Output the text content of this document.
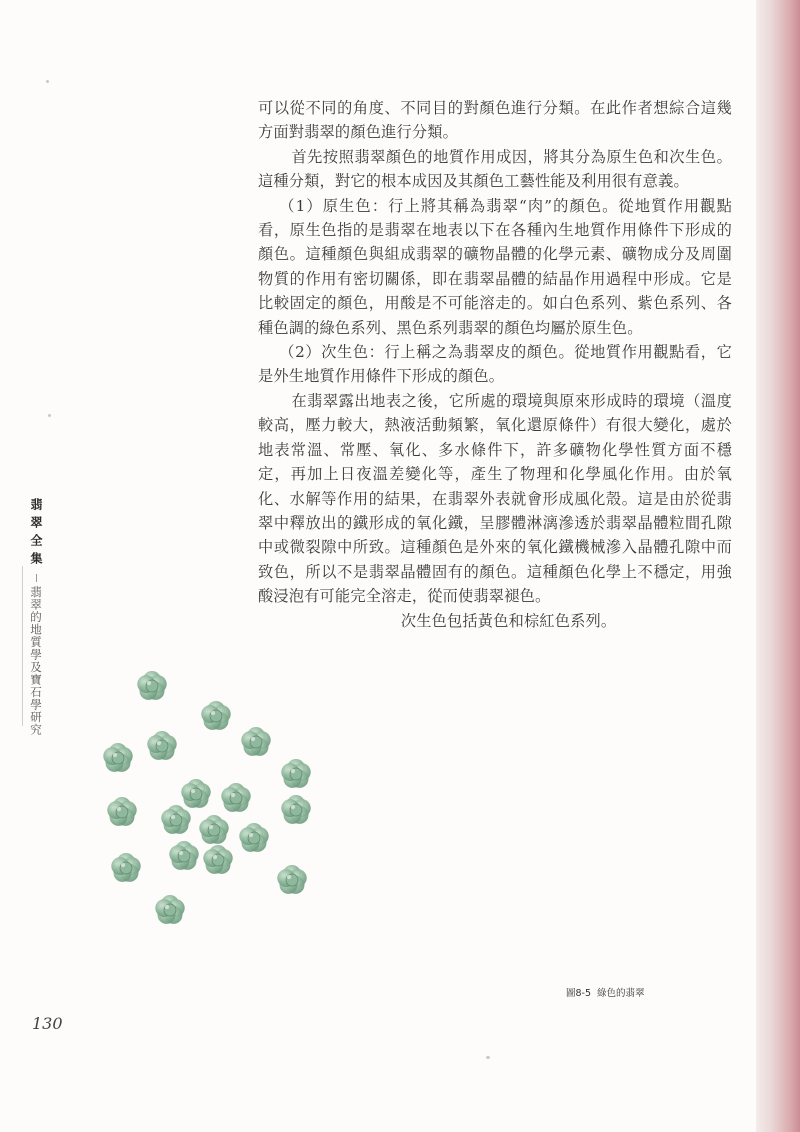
可以從不同的角度、不同目的對顏色進行分類。在此作者想綜合這幾方面對翡翠的顏色進行分類。

首先按照翡翠顏色的地質作用成因，將其分為原生色和次生色。這種分類，對它的根本成因及其顏色工藝性能及利用很有意義。

（1）原生色：行上將其稱為翡翠“肉”的顏色。從地質作用觀點看，原生色指的是翡翠在地表以下在各種內生地質作用條件下形成的顏色。這種顏色與組成翡翠的礦物晶體的化學元素、礦物成分及周圍物質的作用有密切關係，即在翡翠晶體的結晶作用過程中形成。它是比較固定的顏色，用酸是不可能溶走的。如白色系列、紫色系列、各種色調的綠色系列、黑色系列翡翠的顏色均屬於原生色。

（2）次生色：行上稱之為翡翠皮的顏色。從地質作用觀點看，它是外生地質作用條件下形成的顏色。

在翡翠露出地表之後，它所處的環境與原來形成時的環境（溫度較高，壓力較大，熱液活動頻繁，氧化還原條件）有很大變化，處於地表常溫、常壓、氧化、多水條件下，許多礦物化學性質方面不穩定，再加上日夜溫差變化等，產生了物理和化學風化作用。由於氧化、水解等作用的結果，在翡翠外表就會形成風化殼。這是由於從翡翠中釋放出的鐵形成的氧化鐵，呈膠體淋漓滲透於翡翠晶體粒間孔隙中或微裂隙中所致。這種顏色是外來的氧化鐵機械滲入晶體孔隙中而致色，所以不是翡翠晶體固有的顏色。這種顏色化學上不穩定，用強酸浸泡有可能完全溶走，從而使翡翠褪色。

次生色包括黃色和棕紅色系列。

翡翠全集
翡翠的地質學及寶石學研究
圖8-5 綠色的翡翠
130
